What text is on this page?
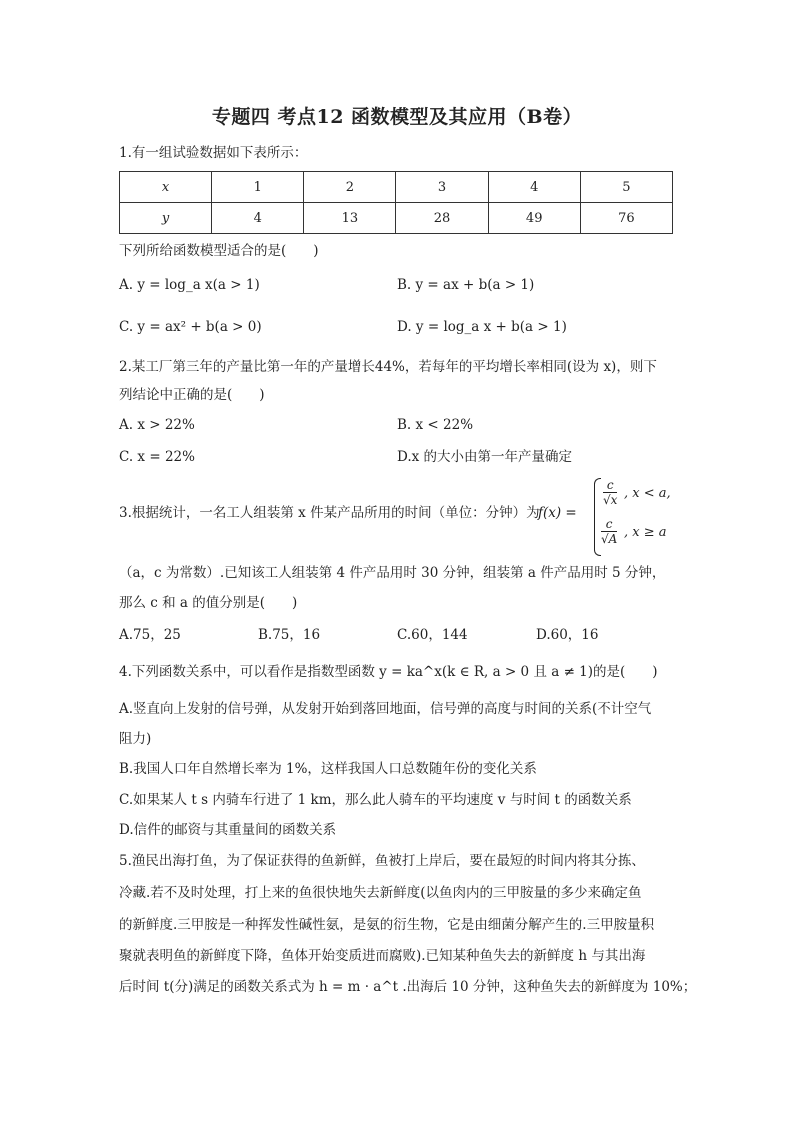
专题四 考点12 函数模型及其应用（B卷）
1.有一组试验数据如下表所示：
x	1	2	3	4	5
y	4	13	28	49	76
下列所给函数模型适合的是(　　)
A. y = log_a x(a > 1)	B. y = ax + b(a > 1)
C. y = ax² + b(a > 0)	D. y = log_a x + b(a > 1)
2.某工厂第三年的产量比第一年的产量增长44%，若每年的平均增长率相同(设为 x)，则下
列结论中正确的是(　　)
A. x > 22%	B. x < 22%
C. x = 22%	D.x 的大小由第一年产量确定
3.根据统计，一名工人组装第 x 件某产品所用的时间（单位：分钟）为
f(x) =
$\frac{c}{√x}$ , x < a,
$\frac{c}{√A}$ , x ≥ a
（a，c 为常数）.已知该工人组装第 4 件产品用时 30 分钟，组装第 a 件产品用时 5 分钟，
那么 c 和 a 的值分别是(　　)
A.75，25	B.75，16	C.60，144	D.60，16
4.下列函数关系中，可以看作是指数型函数 y = ka^x(k ∈ R, a > 0 且 a ≠ 1)的是(　　)
A.竖直向上发射的信号弹，从发射开始到落回地面，信号弹的高度与时间的关系(不计空气
阻力)
B.我国人口年自然增长率为 1%，这样我国人口总数随年份的变化关系
C.如果某人 t s 内骑车行进了 1 km，那么此人骑车的平均速度 v 与时间 t 的函数关系
D.信件的邮资与其重量间的函数关系
5.渔民出海打鱼，为了保证获得的鱼新鲜，鱼被打上岸后，要在最短的时间内将其分拣、
冷藏.若不及时处理，打上来的鱼很快地失去新鲜度(以鱼肉内的三甲胺量的多少来确定鱼
的新鲜度.三甲胺是一种挥发性碱性氨，是氨的衍生物，它是由细菌分解产生的.三甲胺量积
聚就表明鱼的新鲜度下降，鱼体开始变质进而腐败).已知某种鱼失去的新鲜度 h 与其出海
后时间 t(分)满足的函数关系式为 h = m · a^t .出海后 10 分钟，这种鱼失去的新鲜度为 10%；
